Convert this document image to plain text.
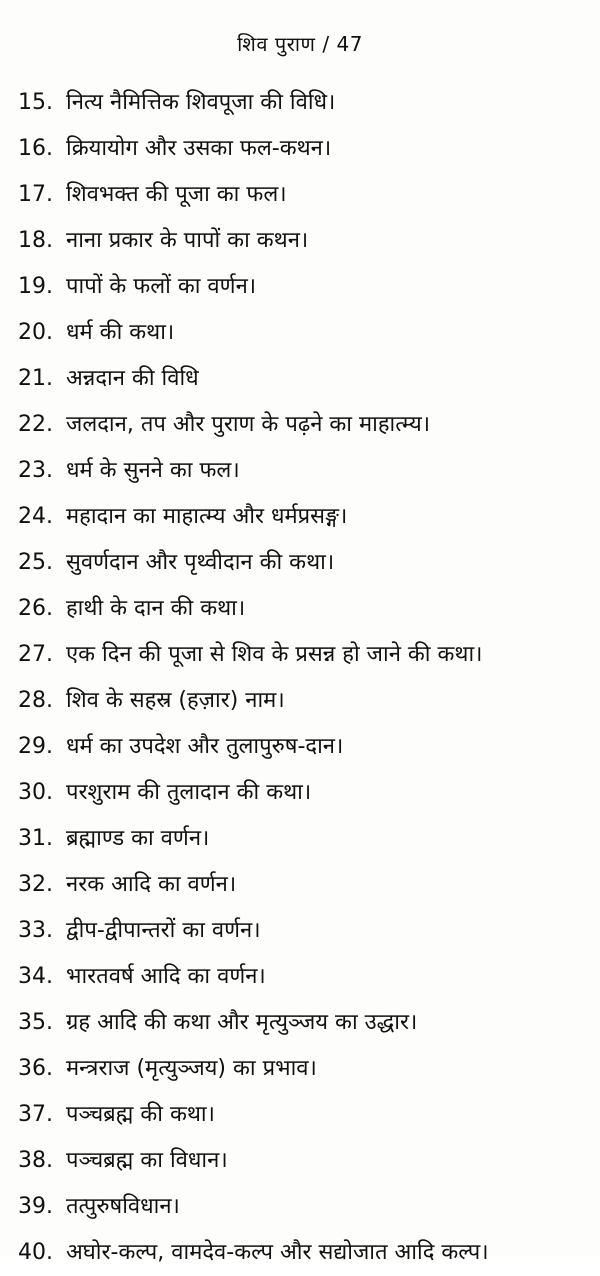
शिव पुराण / 47
15. नित्य नैमित्तिक शिवपूजा की विधि।
16. क्रियायोग और उसका फल-कथन।
17. शिवभक्त की पूजा का फल।
18. नाना प्रकार के पापों का कथन।
19. पापों के फलों का वर्णन।
20. धर्म की कथा।
21. अन्नदान की विधि
22. जलदान, तप और पुराण के पढ़ने का माहात्म्य।
23. धर्म के सुनने का फल।
24. महादान का माहात्म्य और धर्मप्रसङ्ग।
25. सुवर्णदान और पृथ्वीदान की कथा।
26. हाथी के दान की कथा।
27. एक दिन की पूजा से शिव के प्रसन्न हो जाने की कथा।
28. शिव के सहस्र (हज़ार) नाम।
29. धर्म का उपदेश और तुलापुरुष-दान।
30. परशुराम की तुलादान की कथा।
31. ब्रह्माण्ड का वर्णन।
32. नरक आदि का वर्णन।
33. द्वीप-द्वीपान्तरों का वर्णन।
34. भारतवर्ष आदि का वर्णन।
35. ग्रह आदि की कथा और मृत्युञ्जय का उद्धार।
36. मन्त्रराज (मृत्युञ्जय) का प्रभाव।
37. पञ्चब्रह्म की कथा।
38. पञ्चब्रह्म का विधान।
39. तत्पुरुषविधान।
40. अघोर-कल्प, वामदेव-कल्प और सद्योजात आदि कल्प।
